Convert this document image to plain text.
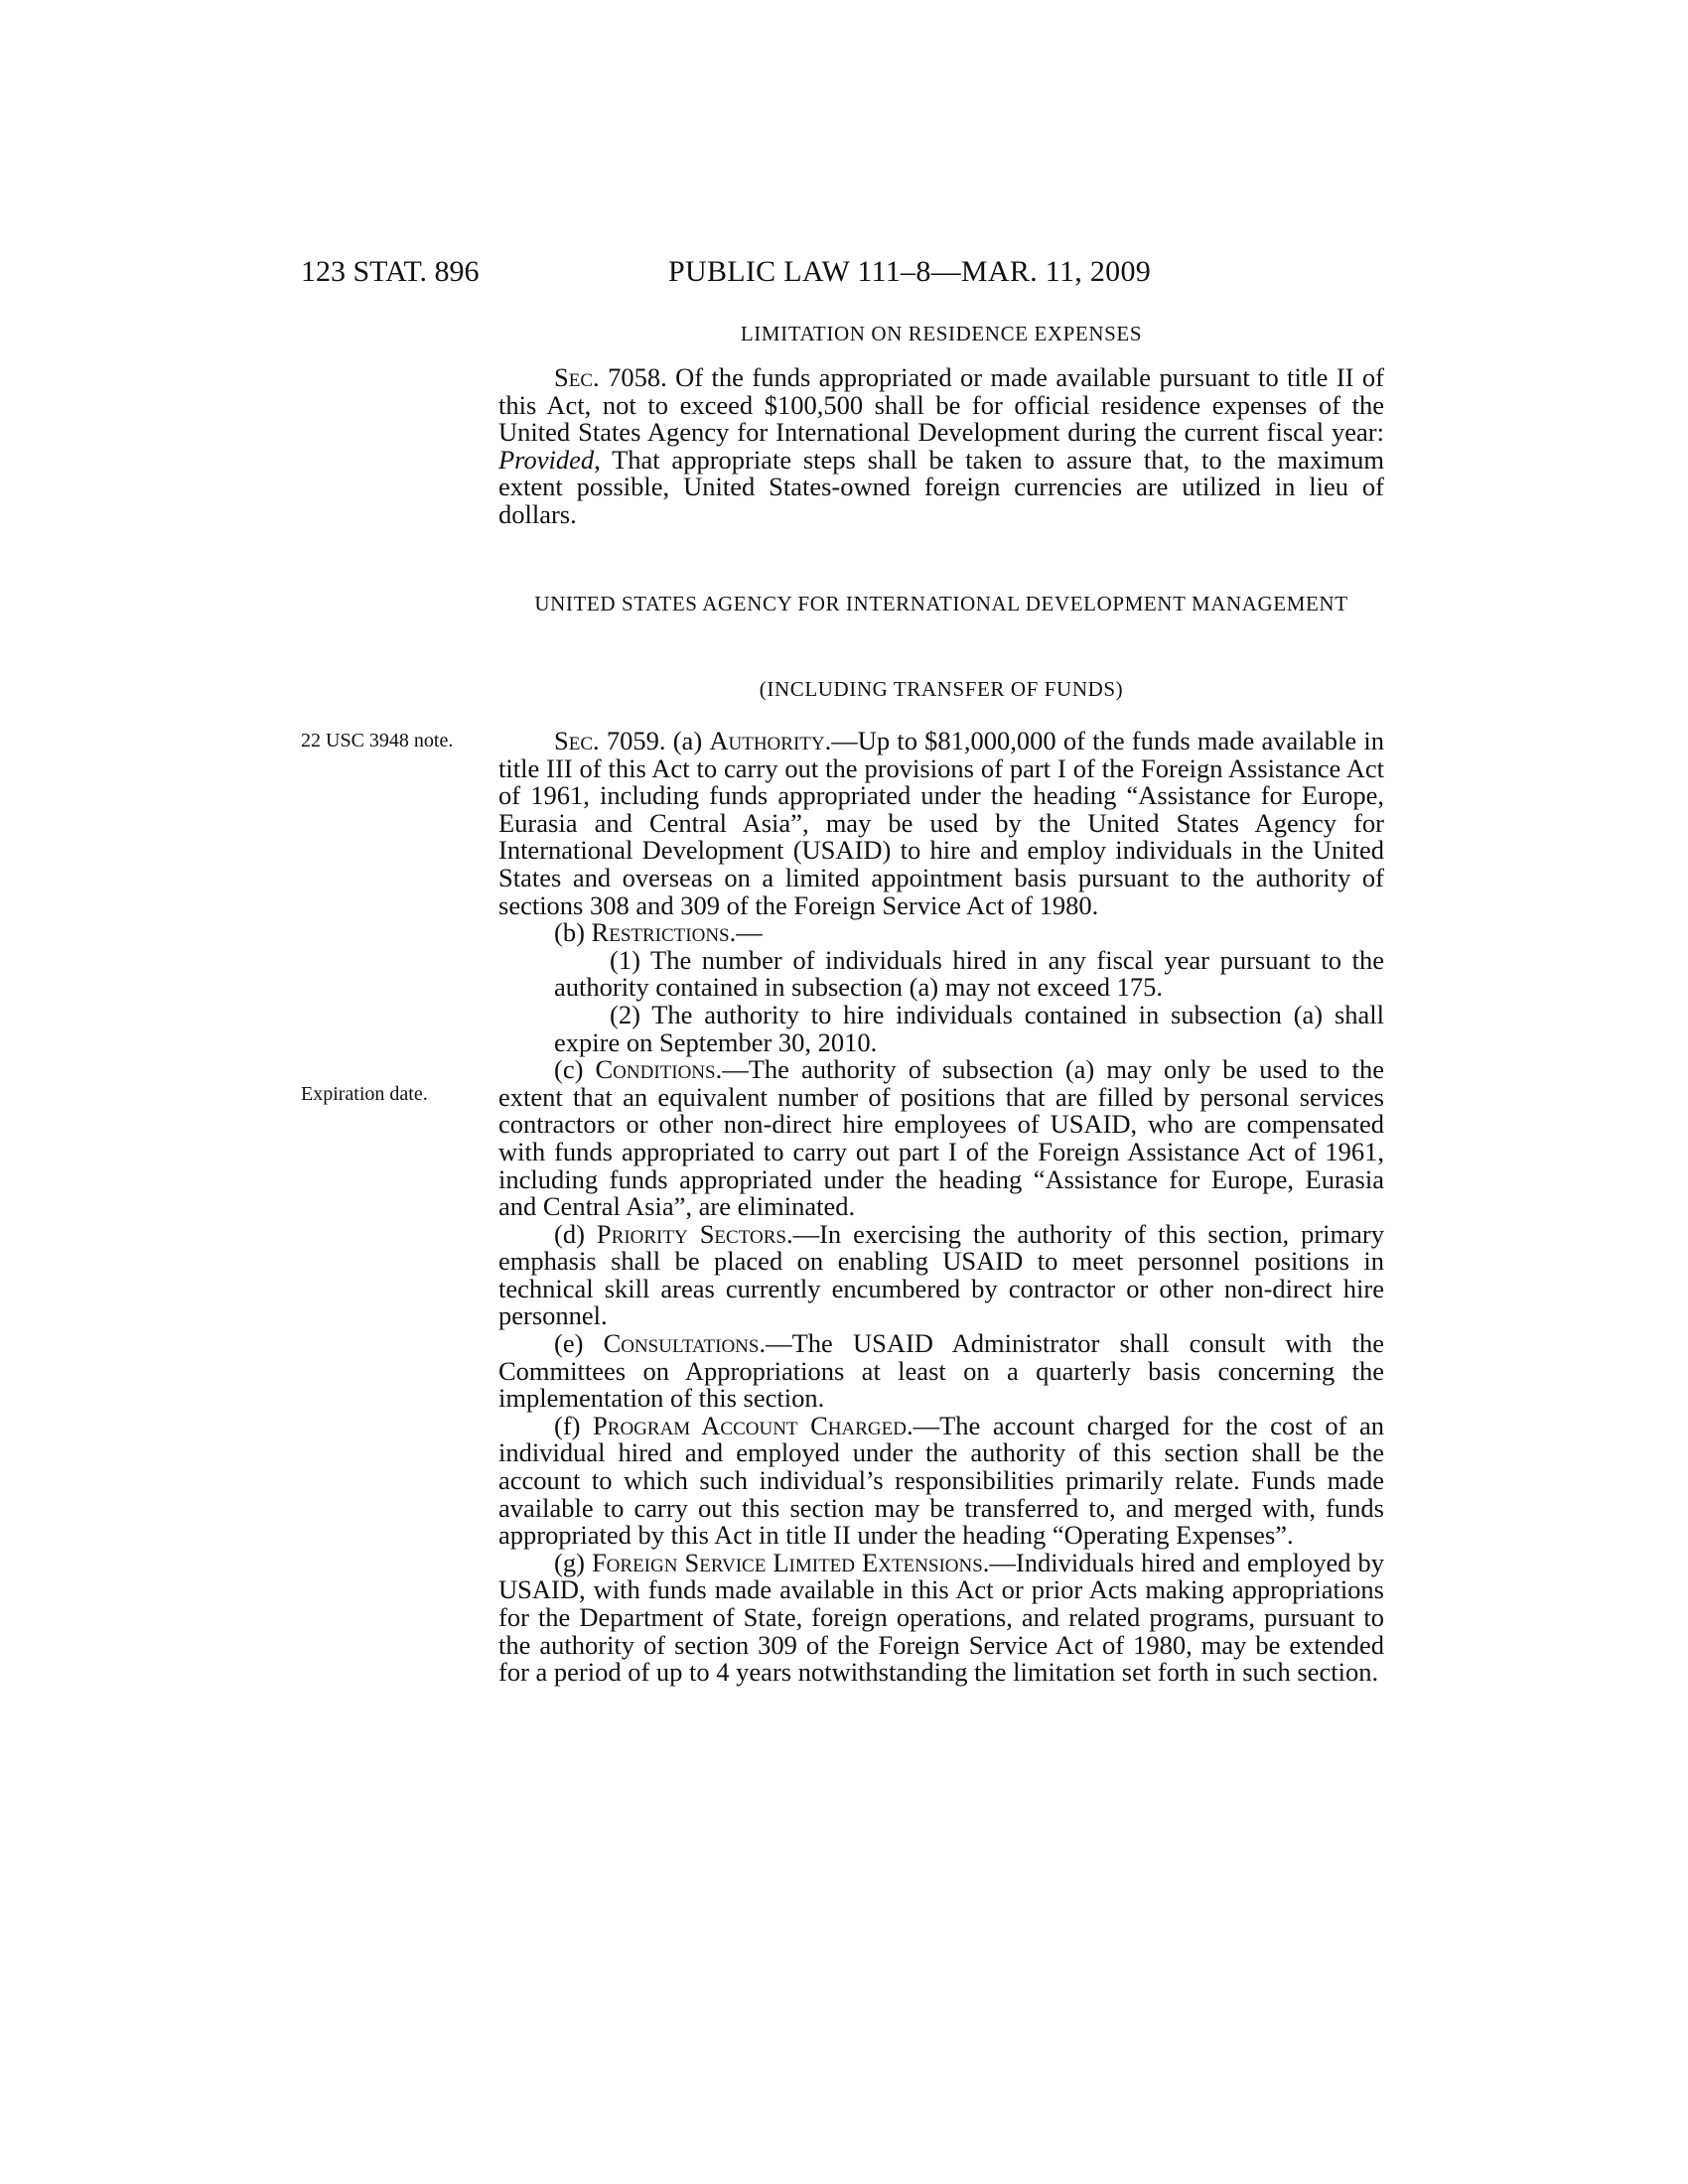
123 STAT. 896	PUBLIC LAW 111–8—MAR. 11, 2009
LIMITATION ON RESIDENCE EXPENSES

Sec. 7058. Of the funds appropriated or made available pursuant to title II of this Act, not to exceed $100,500 shall be for official residence expenses of the United States Agency for International Development during the current fiscal year: Provided, That appropriate steps shall be taken to assure that, to the maximum extent possible, United States-owned foreign currencies are utilized in lieu of dollars.

UNITED STATES AGENCY FOR INTERNATIONAL DEVELOPMENT MANAGEMENT
(INCLUDING TRANSFER OF FUNDS)
22 USC 3948 note.
Expiration date.

Sec. 7059. (a) Authority.—Up to $81,000,000 of the funds made available in title III of this Act to carry out the provisions of part I of the Foreign Assistance Act of 1961, including funds appropriated under the heading “Assistance for Europe, Eurasia and Central Asia”, may be used by the United States Agency for International Development (USAID) to hire and employ individuals in the United States and overseas on a limited appointment basis pursuant to the authority of sections 308 and 309 of the Foreign Service Act of 1980.

(b) Restrictions.—

(1) The number of individuals hired in any fiscal year pursuant to the authority contained in subsection (a) may not exceed 175.

(2) The authority to hire individuals contained in subsection (a) shall expire on September 30, 2010.

(c) Conditions.—The authority of subsection (a) may only be used to the extent that an equivalent number of positions that are filled by personal services contractors or other non-direct hire employees of USAID, who are compensated with funds appropriated to carry out part I of the Foreign Assistance Act of 1961, including funds appropriated under the heading “Assistance for Europe, Eurasia and Central Asia”, are eliminated.

(d) Priority Sectors.—In exercising the authority of this section, primary emphasis shall be placed on enabling USAID to meet personnel positions in technical skill areas currently encumbered by contractor or other non-direct hire personnel.

(e) Consultations.—The USAID Administrator shall consult with the Committees on Appropriations at least on a quarterly basis concerning the implementation of this section.

(f) Program Account Charged.—The account charged for the cost of an individual hired and employed under the authority of this section shall be the account to which such individual’s responsibilities primarily relate. Funds made available to carry out this section may be transferred to, and merged with, funds appropriated by this Act in title II under the heading “Operating Expenses”.

(g) Foreign Service Limited Extensions.—Individuals hired and employed by USAID, with funds made available in this Act or prior Acts making appropriations for the Department of State, foreign operations, and related programs, pursuant to the authority of section 309 of the Foreign Service Act of 1980, may be extended for a period of up to 4 years notwithstanding the limitation set forth in such section.
